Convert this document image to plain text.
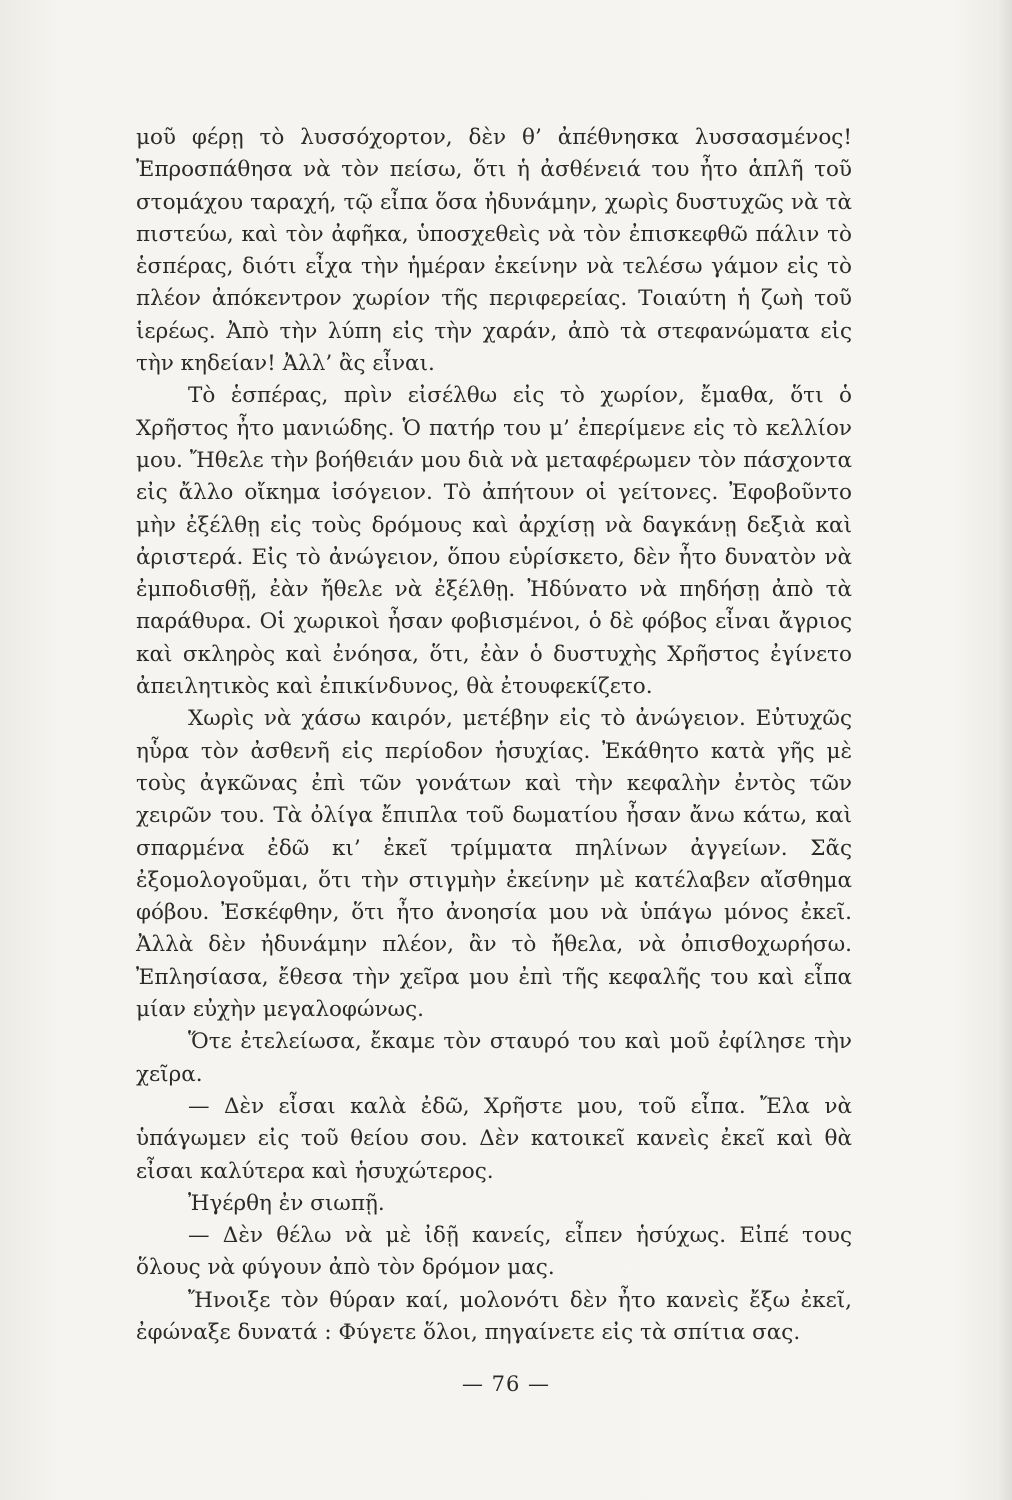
μοῦ φέρῃ τὸ λυσσόχορτον, δὲν θ’ ἀπέθνησκα λυσσασμένος! Ἐπροσπάθησα νὰ τὸν πείσω, ὅτι ἡ ἀσθένειά του ἦτο ἁπλῆ τοῦ στομάχου ταραχή, τῷ εἶπα ὅσα ἠδυνάμην, χωρὶς δυστυχῶς νὰ τὰ πιστεύω, καὶ τὸν ἀφῆκα, ὑποσχεθεὶς νὰ τὸν ἐπισκεφθῶ πάλιν τὸ ἑσπέρας, διότι εἶχα τὴν ἡμέραν ἐκείνην νὰ τελέσω γάμον εἰς τὸ πλέον ἀπόκεντρον χωρίον τῆς περιφερείας. Τοιαύτη ἡ ζωὴ τοῦ ἱερέως. Ἀπὸ τὴν λύπη εἰς τὴν χαράν, ἀπὸ τὰ στεφανώματα εἰς τὴν κηδείαν! Ἀλλ’ ἂς εἶναι.

Τὸ ἑσπέρας, πρὶν εἰσέλθω εἰς τὸ χωρίον, ἔμαθα, ὅτι ὁ Χρῆστος ἦτο μανιώδης. Ὁ πατήρ του μ’ ἐπερίμενε εἰς τὸ κελλίον μου. Ἤθελε τὴν βοήθειάν μου διὰ νὰ μεταφέρωμεν τὸν πάσχοντα εἰς ἄλλο οἴκημα ἰσόγειον. Τὸ ἀπήτουν οἱ γείτονες. Ἐφοβοῦντο μὴν ἐξέλθῃ εἰς τοὺς δρόμους καὶ ἀρχίσῃ νὰ δαγκάνῃ δεξιὰ καὶ ἀριστερά. Εἰς τὸ ἀνώγειον, ὅπου εὑρίσκετο, δὲν ἦτο δυνατὸν νὰ ἐμποδισθῇ, ἐὰν ἤθελε νὰ ἐξέλθῃ. Ἠδύνατο νὰ πηδήσῃ ἀπὸ τὰ παράθυρα. Οἱ χωρικοὶ ἦσαν φοβισμένοι, ὁ δὲ φόβος εἶναι ἄγριος καὶ σκληρὸς καὶ ἐνόησα, ὅτι, ἐὰν ὁ δυστυχὴς Χρῆστος ἐγίνετο ἀπειλητικὸς καὶ ἐπικίνδυνος, θὰ ἐτουφεκίζετο.

Χωρὶς νὰ χάσω καιρόν, μετέβην εἰς τὸ ἀνώγειον. Εὐτυχῶς ηὗρα τὸν ἀσθενῆ εἰς περίοδον ἡσυχίας. Ἐκάθητο κατὰ γῆς μὲ τοὺς ἀγκῶνας ἐπὶ τῶν γονάτων καὶ τὴν κεφαλὴν ἐντὸς τῶν χειρῶν του. Τὰ ὀλίγα ἔπιπλα τοῦ δωματίου ἦσαν ἄνω κάτω, καὶ σπαρμένα ἐδῶ κι’ ἐκεῖ τρίμματα πηλίνων ἀγγείων. Σᾶς ἐξομολογοῦμαι, ὅτι τὴν στιγμὴν ἐκείνην μὲ κατέλαβεν αἴσθημα φόβου. Ἐσκέφθην, ὅτι ἦτο ἀνοησία μου νὰ ὑπάγω μόνος ἐκεῖ. Ἀλλὰ δὲν ἠδυνάμην πλέον, ἂν τὸ ἤθελα, νὰ ὀπισθοχωρήσω. Ἐπλησίασα, ἔθεσα τὴν χεῖρα μου ἐπὶ τῆς κεφαλῆς του καὶ εἶπα μίαν εὐχὴν μεγαλοφώνως.

Ὅτε ἐτελείωσα, ἔκαμε τὸν σταυρό του καὶ μοῦ ἐφίλησε τὴν χεῖρα.

— Δὲν εἶσαι καλὰ ἐδῶ, Χρῆστε μου, τοῦ εἶπα. Ἔλα νὰ ὑπάγωμεν εἰς τοῦ θείου σου. Δὲν κατοικεῖ κανεὶς ἐκεῖ καὶ θὰ εἶσαι καλύτερα καὶ ἡσυχώτερος.

Ἠγέρθη ἐν σιωπῇ.

— Δὲν θέλω νὰ μὲ ἰδῇ κανείς, εἶπεν ἡσύχως. Εἰπέ τους ὅλους νὰ φύγουν ἀπὸ τὸν δρόμον μας.

Ἤνοιξε τὸν θύραν καί, μολονότι δὲν ἦτο κανεὶς ἔξω ἐκεῖ, ἐφώναξε δυνατά : Φύγετε ὅλοι, πηγαίνετε εἰς τὰ σπίτια σας.

— 76 —
